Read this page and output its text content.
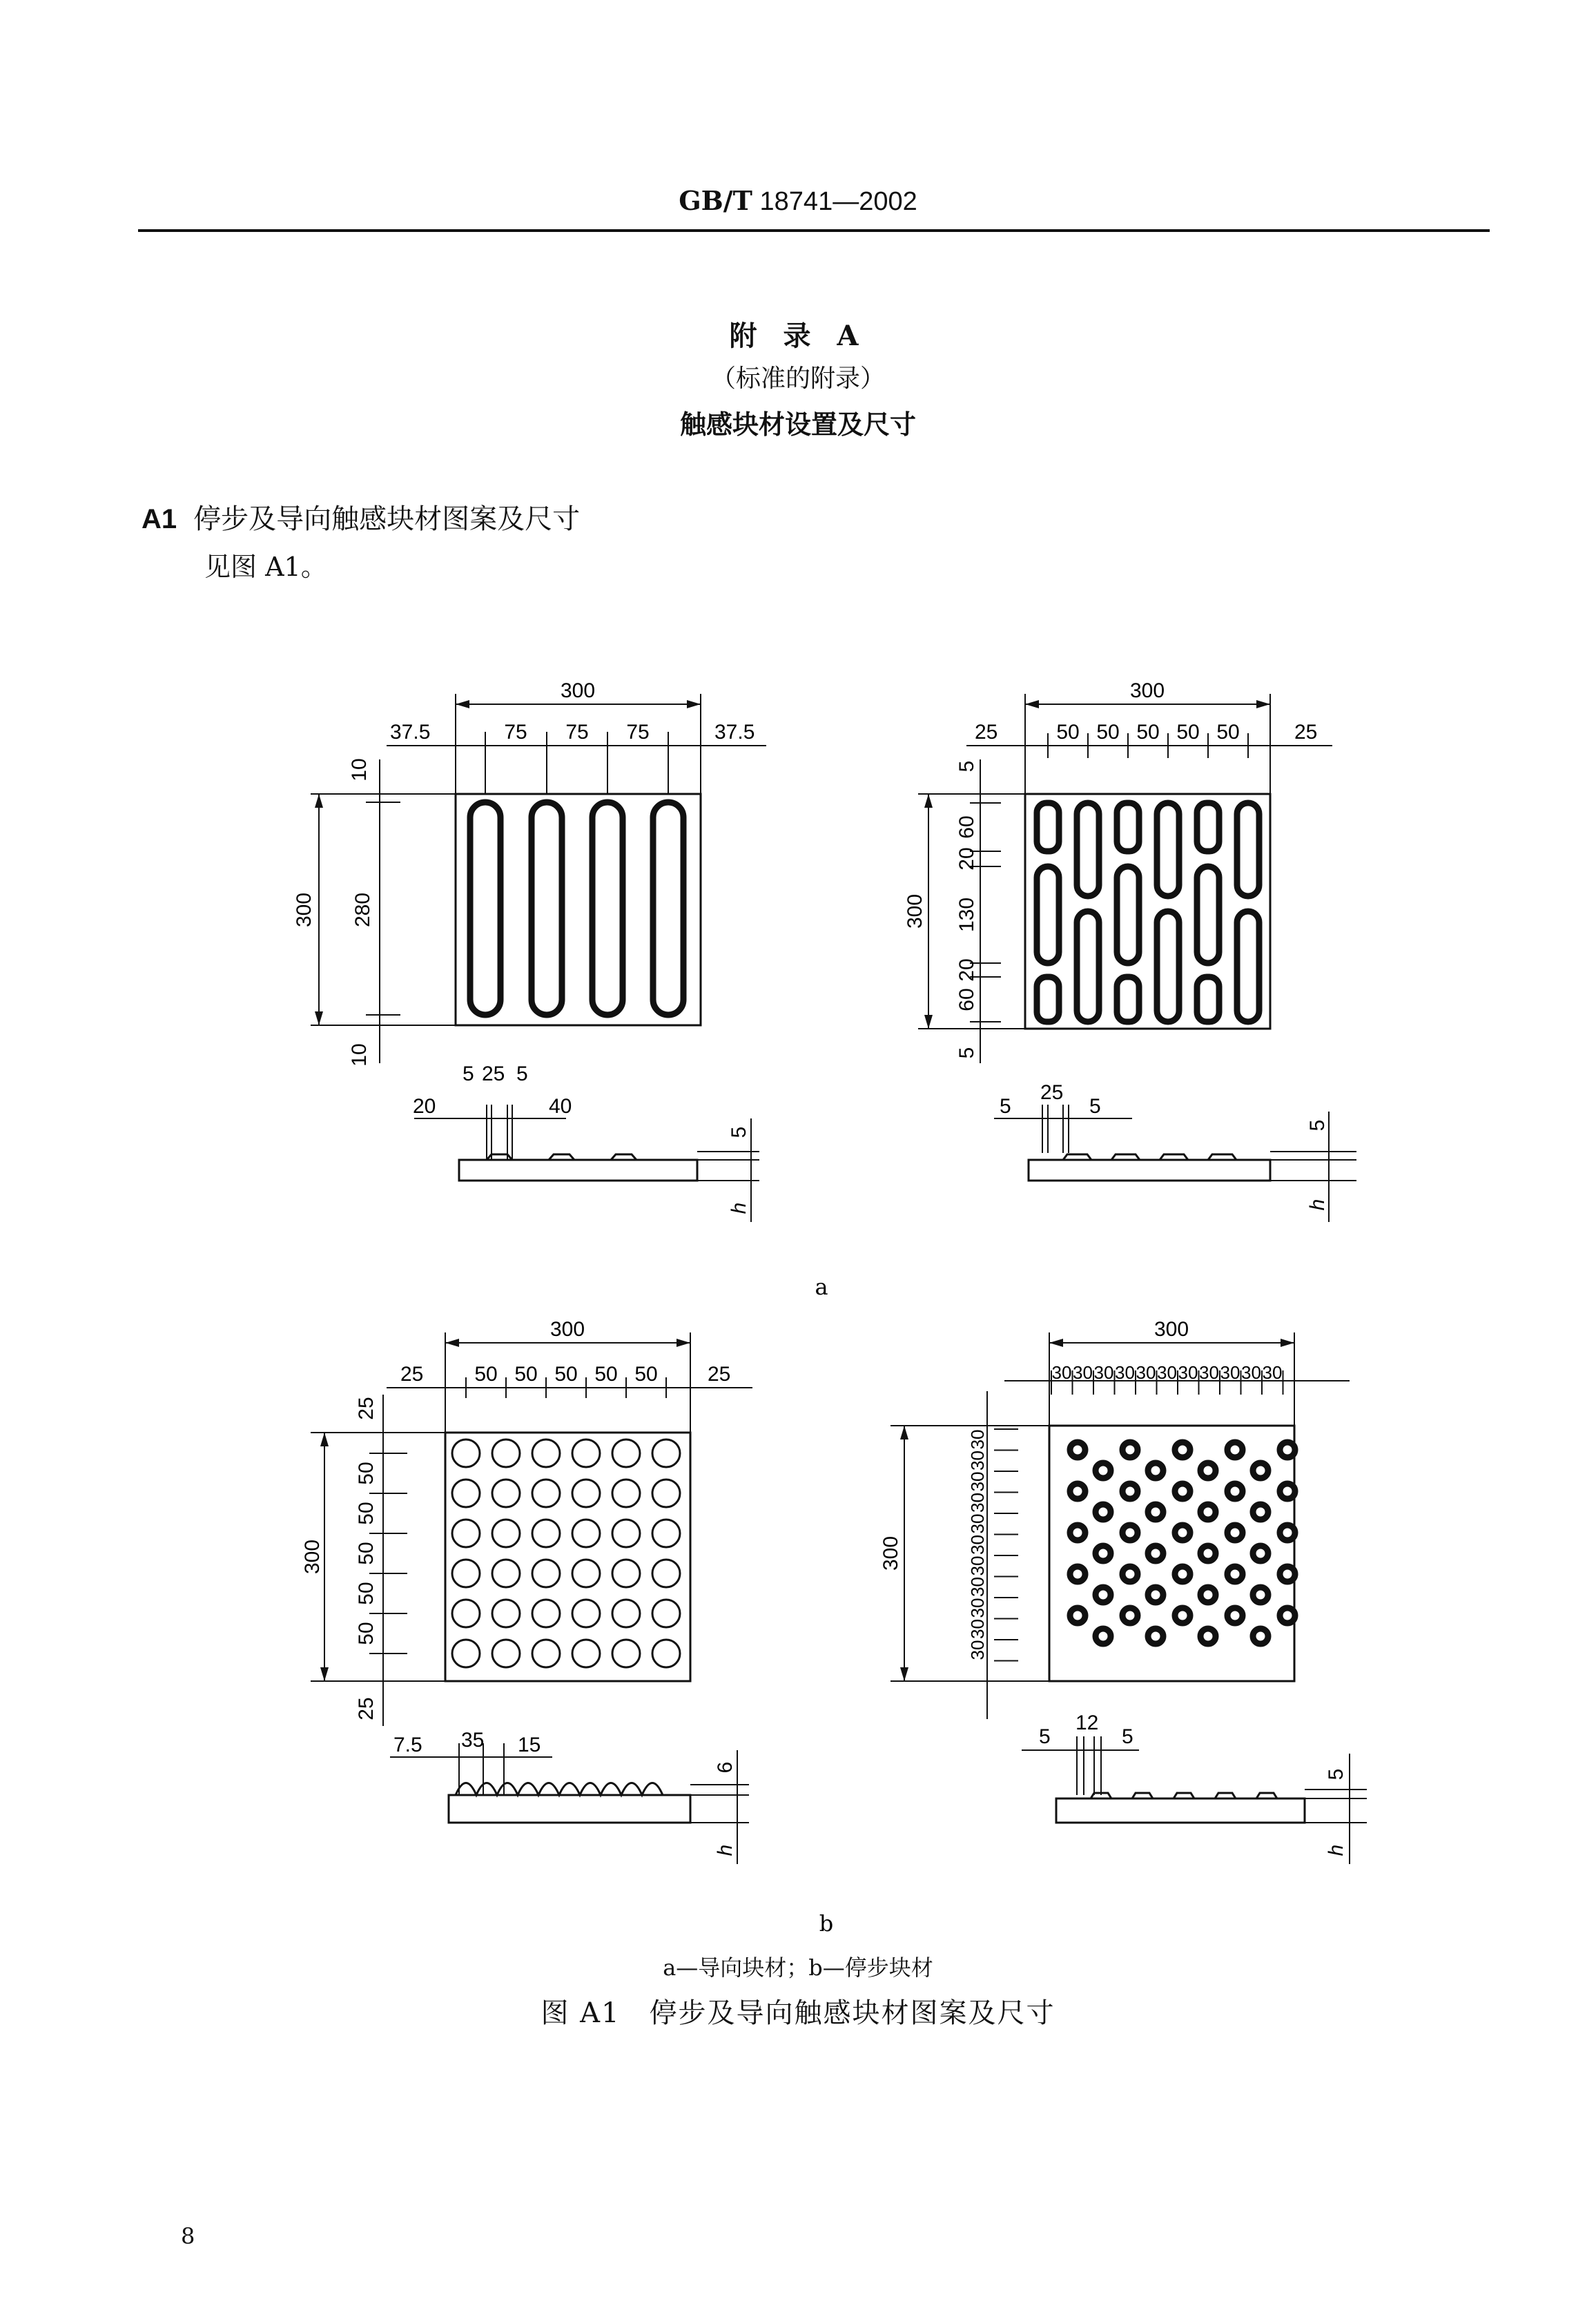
GB/T 18741—2002
附 录 A
（标准的附录）
触感块材设置及尺寸
A1 停步及导向触感块材图案及尺寸
见图 A1。
300
37.5	75 75 75	37.5
10
300 280
10
5 25 5
20	40
5
h
300
25	50 50 50 50 50	25
5
60
20
130
20
60
5
300
5
25
5
5
h
300
25 50 50 50 50 50 25
25
50
50
50
50
50
25
300
7.5 35 15
6
h
300
30 30 30 30 30 30 30 30 30 30 30
30
30
30
30
30
30
30
30
30
30
30
300
5
12
5
5
h
a
b
a—导向块材；b—停步块材
图 A1　停步及导向触感块材图案及尺寸
8
